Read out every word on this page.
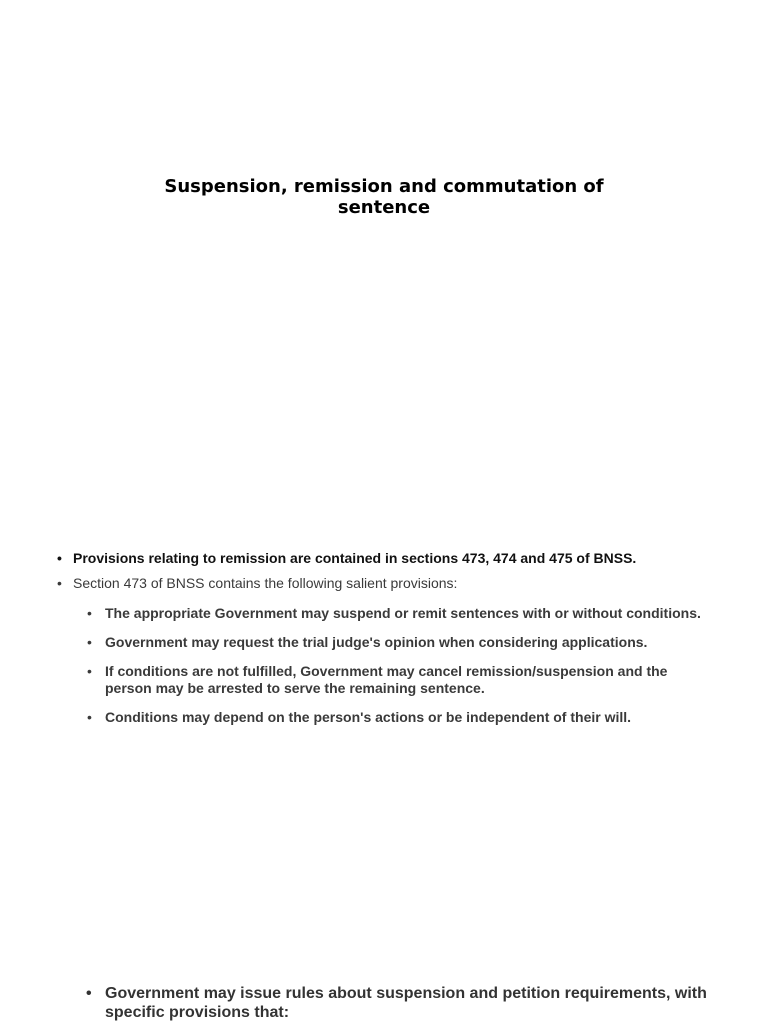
Suspension, remission and commutation of sentence
• Provisions relating to remission are contained in sections 473, 474 and 475 of BNSS.
• Section 473 of BNSS contains the following salient provisions:
• The appropriate Government may suspend or remit sentences with or without conditions.
• Government may request the trial judge's opinion when considering applications.
• If conditions are not fulfilled, Government may cancel remission/suspension and the person may be arrested to serve the remaining sentence.
• Conditions may depend on the person's actions or be independent of their will.
• Government may issue rules about suspension and petition requirements, with specific provisions that:
